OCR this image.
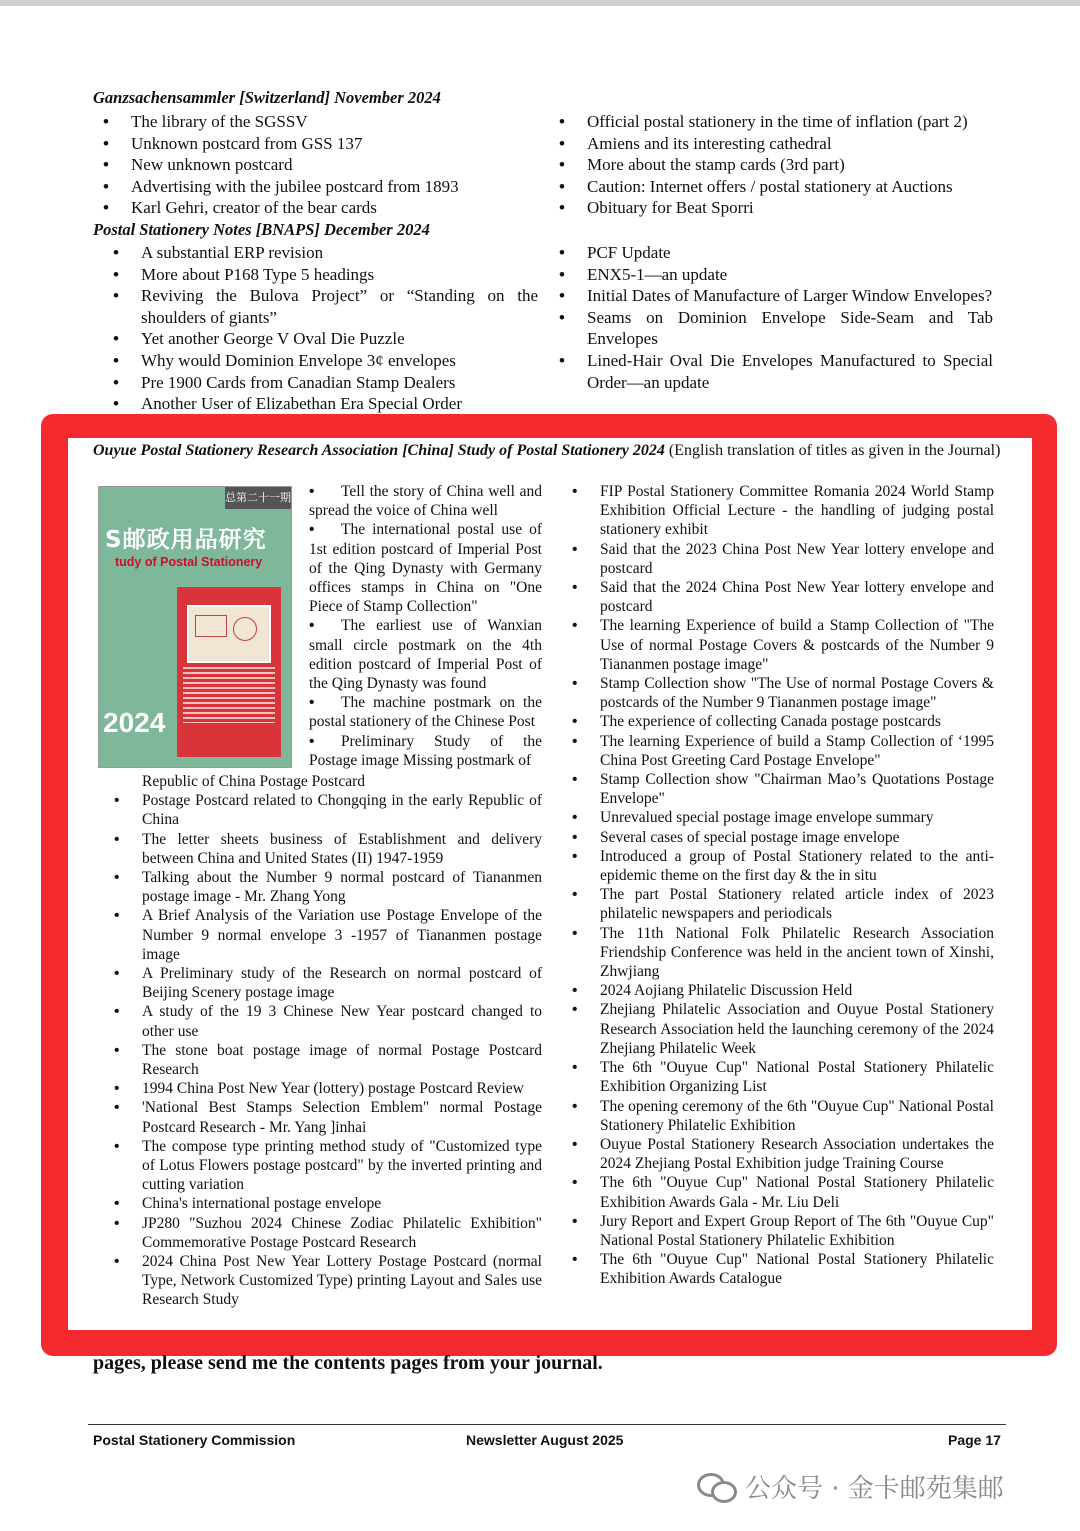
Ganzsachensammler [Switzerland] November 2024
• The library of the SGSSV
• Unknown postcard from GSS 137
• New unknown postcard
• Advertising with the jubilee postcard from 1893
• Karl Gehri, creator of the bear cards
• Official postal stationery in the time of inflation (part 2)
• Amiens and its interesting cathedral
• More about the stamp cards (3rd part)
• Caution: Internet offers / postal stationery at Auctions
• Obituary for Beat Sporri
Postal Stationery Notes [BNAPS] December 2024
• A substantial ERP revision
• More about P168 Type 5 headings
• Reviving the Bulova Project” or “Standing on the shoulders of giants”
• Yet another George V Oval Die Puzzle
• Why would Dominion Envelope 3¢ envelopes
• Pre 1900 Cards from Canadian Stamp Dealers
• Another User of Elizabethan Era Special Order
• PCF Update
• ENX5-1—an update
• Initial Dates of Manufacture of Larger Window Envelopes?
• Seams on Dominion Envelope Side-Seam and Tab Envelopes
• Lined-Hair Oval Die Envelopes Manufactured to Special Order—an update

Ouyue Postal Stationery Research Association [China] Study of Postal Stationery 2024 (English translation of titles as given in the Journal)

总第二十一期
S邮政用品研究
tudy of Postal Stationery
2024
• Tell the story of China well and spread the voice of China well
• The international postal use of 1st edition postcard of Imperial Post of the Qing Dynasty with Germany offices stamps in China on "One Piece of Stamp Collection"
• The earliest use of Wanxian small circle postmark on the 4th edition postcard of Imperial Post of the Qing Dynasty was found
• The machine postmark on the postal stationery of the Chinese Post
• Preliminary Study of the Postage image Missing postmark of
Republic of China Postage Postcard
• Postage Postcard related to Chongqing in the early Republic of China
• The letter sheets business of Establishment and delivery between China and United States (II) 1947-1959
• Talking about the Number 9 normal postcard of Tiananmen postage image - Mr. Zhang Yong
• A Brief Analysis of the Variation use Postage Envelope of the Number 9 normal envelope 3 -1957 of Tiananmen postage image
• A Preliminary study of the Research on normal postcard of Beijing Scenery postage image
• A study of the 19 3 Chinese New Year postcard changed to other use
• The stone boat postage image of normal Postage Postcard Research
• 1994 China Post New Year (lottery) postage Postcard Review
• 'National Best Stamps Selection Emblem" normal Postage Postcard Research - Mr. Yang ]inhai
• The compose type printing method study of "Customized type of Lotus Flowers postage postcard" by the inverted printing and cutting variation
• China's international postage envelope
• JP280 "Suzhou 2024 Chinese Zodiac Philatelic Exhibition" Commemorative Postage Postcard Research
• 2024 China Post New Year Lottery Postage Postcard (normal Type, Network Customized Type) printing Layout and Sales use Research Study
• FIP Postal Stationery Committee Romania 2024 World Stamp Exhibition Official Lecture - the handling of judging postal stationery exhibit
• Said that the 2023 China Post New Year lottery envelope and postcard
• Said that the 2024 China Post New Year lottery envelope and postcard
• The learning Experience of build a Stamp Collection of "The Use of normal Postage Covers & postcards of the Number 9 Tiananmen postage image"
• Stamp Collection show "The Use of normal Postage Covers & postcards of the Number 9 Tiananmen postage image"
• The experience of collecting Canada postage postcards
• The learning Experience of build a Stamp Collection of ‘1995 China Post Greeting Card Postage Envelope"
• Stamp Collection show "Chairman Mao’s Quotations Postage Envelope"
• Unrevalued special postage image envelope summary
• Several cases of special postage image envelope
• Introduced a group of Postal Stationery related to the anti-epidemic theme on the first day & the in situ
• The part Postal Stationery related article index of 2023 philatelic newspapers and periodicals
• The 11th National Folk Philatelic Research Association Friendship Conference was held in the ancient town of Xinshi, Zhwjiang
• 2024 Aojiang Philatelic Discussion Held
• Zhejiang Philatelic Association and Ouyue Postal Stationery Research Association held the launching ceremony of the 2024 Zhejiang Philatelic Week
• The 6th "Ouyue Cup" National Postal Stationery Philatelic Exhibition Organizing List
• The opening ceremony of the 6th "Ouyue Cup" National Postal Stationery Philatelic Exhibition
• Ouyue Postal Stationery Research Association undertakes the 2024 Zhejiang Postal Exhibition judge Training Course
• The 6th "Ouyue Cup" National Postal Stationery Philatelic Exhibition Awards Gala - Mr. Liu Deli
• Jury Report and Expert Group Report of The 6th "Ouyue Cup" National Postal Stationery Philatelic Exhibition
• The 6th "Ouyue Cup" National Postal Stationery Philatelic Exhibition Awards Catalogue

pages, please send me the contents pages from your journal.

Postal Stationery Commission	Newsletter August 2025	Page 17
公众号 · 金卡邮苑集邮
